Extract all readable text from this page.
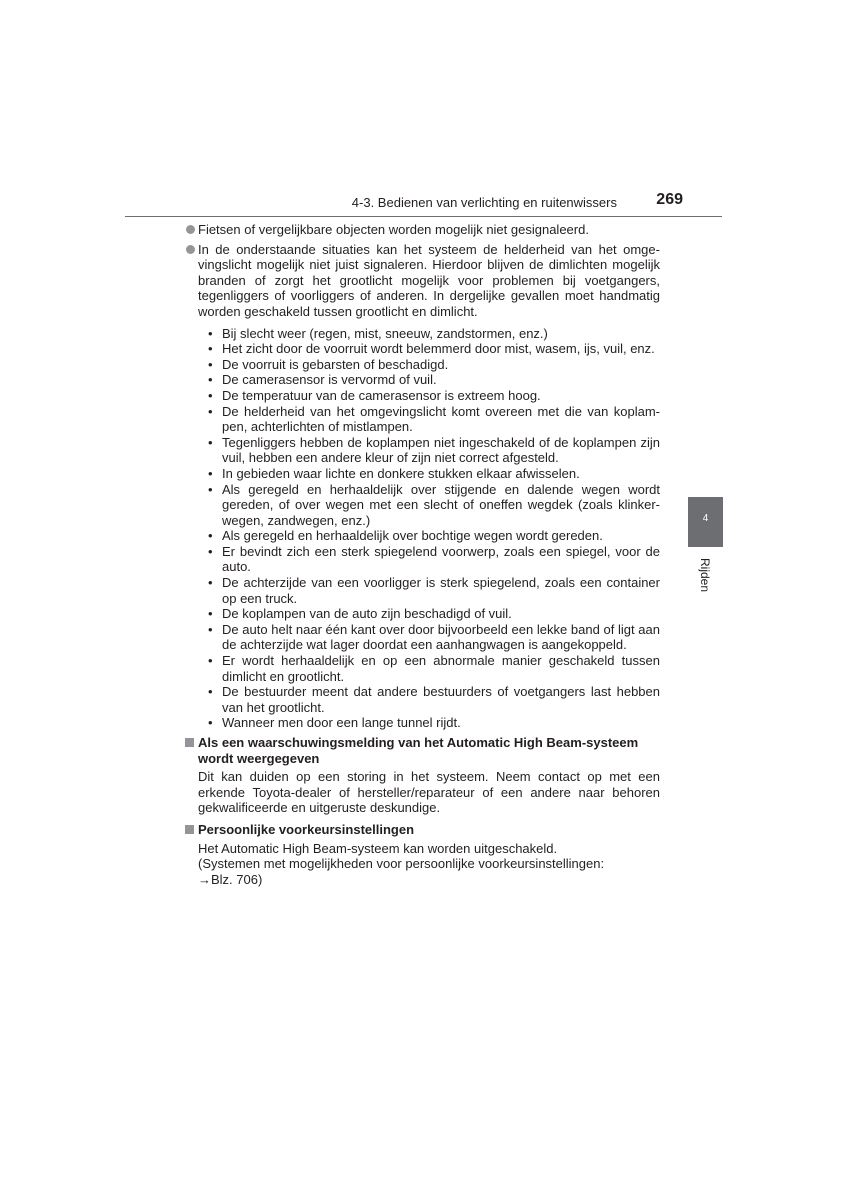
4-3. Bedienen van verlichting en ruitenwissers 269
4
Rijden
Fietsen of vergelijkbare objecten worden mogelijk niet gesignaleerd.
In de onderstaande situaties kan het systeem de helderheid van het omgevingslicht mogelijk niet juist signaleren. Hierdoor blijven de dimlichten mogelijk branden of zorgt het grootlicht mogelijk voor problemen bij voetgangers, tegenliggers of voorliggers of anderen. In dergelijke gevallen moet handmatig worden geschakeld tussen grootlicht en dimlicht.
• Bij slecht weer (regen, mist, sneeuw, zandstormen, enz.)
• Het zicht door de voorruit wordt belemmerd door mist, wasem, ijs, vuil, enz.
• De voorruit is gebarsten of beschadigd.
• De camerasensor is vervormd of vuil.
• De temperatuur van de camerasensor is extreem hoog.
• De helderheid van het omgevingslicht komt overeen met die van koplampen, achterlichten of mistlampen.
• Tegenliggers hebben de koplampen niet ingeschakeld of de koplampen zijn vuil, hebben een andere kleur of zijn niet correct afgesteld.
• In gebieden waar lichte en donkere stukken elkaar afwisselen.
• Als geregeld en herhaaldelijk over stijgende en dalende wegen wordt gereden, of over wegen met een slecht of oneffen wegdek (zoals klinkerwegen, zandwegen, enz.)
• Als geregeld en herhaaldelijk over bochtige wegen wordt gereden.
• Er bevindt zich een sterk spiegelend voorwerp, zoals een spiegel, voor de auto.
• De achterzijde van een voorligger is sterk spiegelend, zoals een container op een truck.
• De koplampen van de auto zijn beschadigd of vuil.
• De auto helt naar één kant over door bijvoorbeeld een lekke band of ligt aan de achterzijde wat lager doordat een aanhangwagen is aangekoppeld.
• Er wordt herhaaldelijk en op een abnormale manier geschakeld tussen dimlicht en grootlicht.
• De bestuurder meent dat andere bestuurders of voetgangers last hebben van het grootlicht.
• Wanneer men door een lange tunnel rijdt.
Als een waarschuwingsmelding van het Automatic High Beam-systeem wordt weergegeven

Dit kan duiden op een storing in het systeem. Neem contact op met een erkende Toyota-dealer of hersteller/reparateur of een andere naar behoren gekwalificeerde en uitgeruste deskundige.

Persoonlijke voorkeursinstellingen

Het Automatic High Beam-systeem kan worden uitgeschakeld.

(Systemen met mogelijkheden voor persoonlijke voorkeursinstellingen:

→Blz. 706)
